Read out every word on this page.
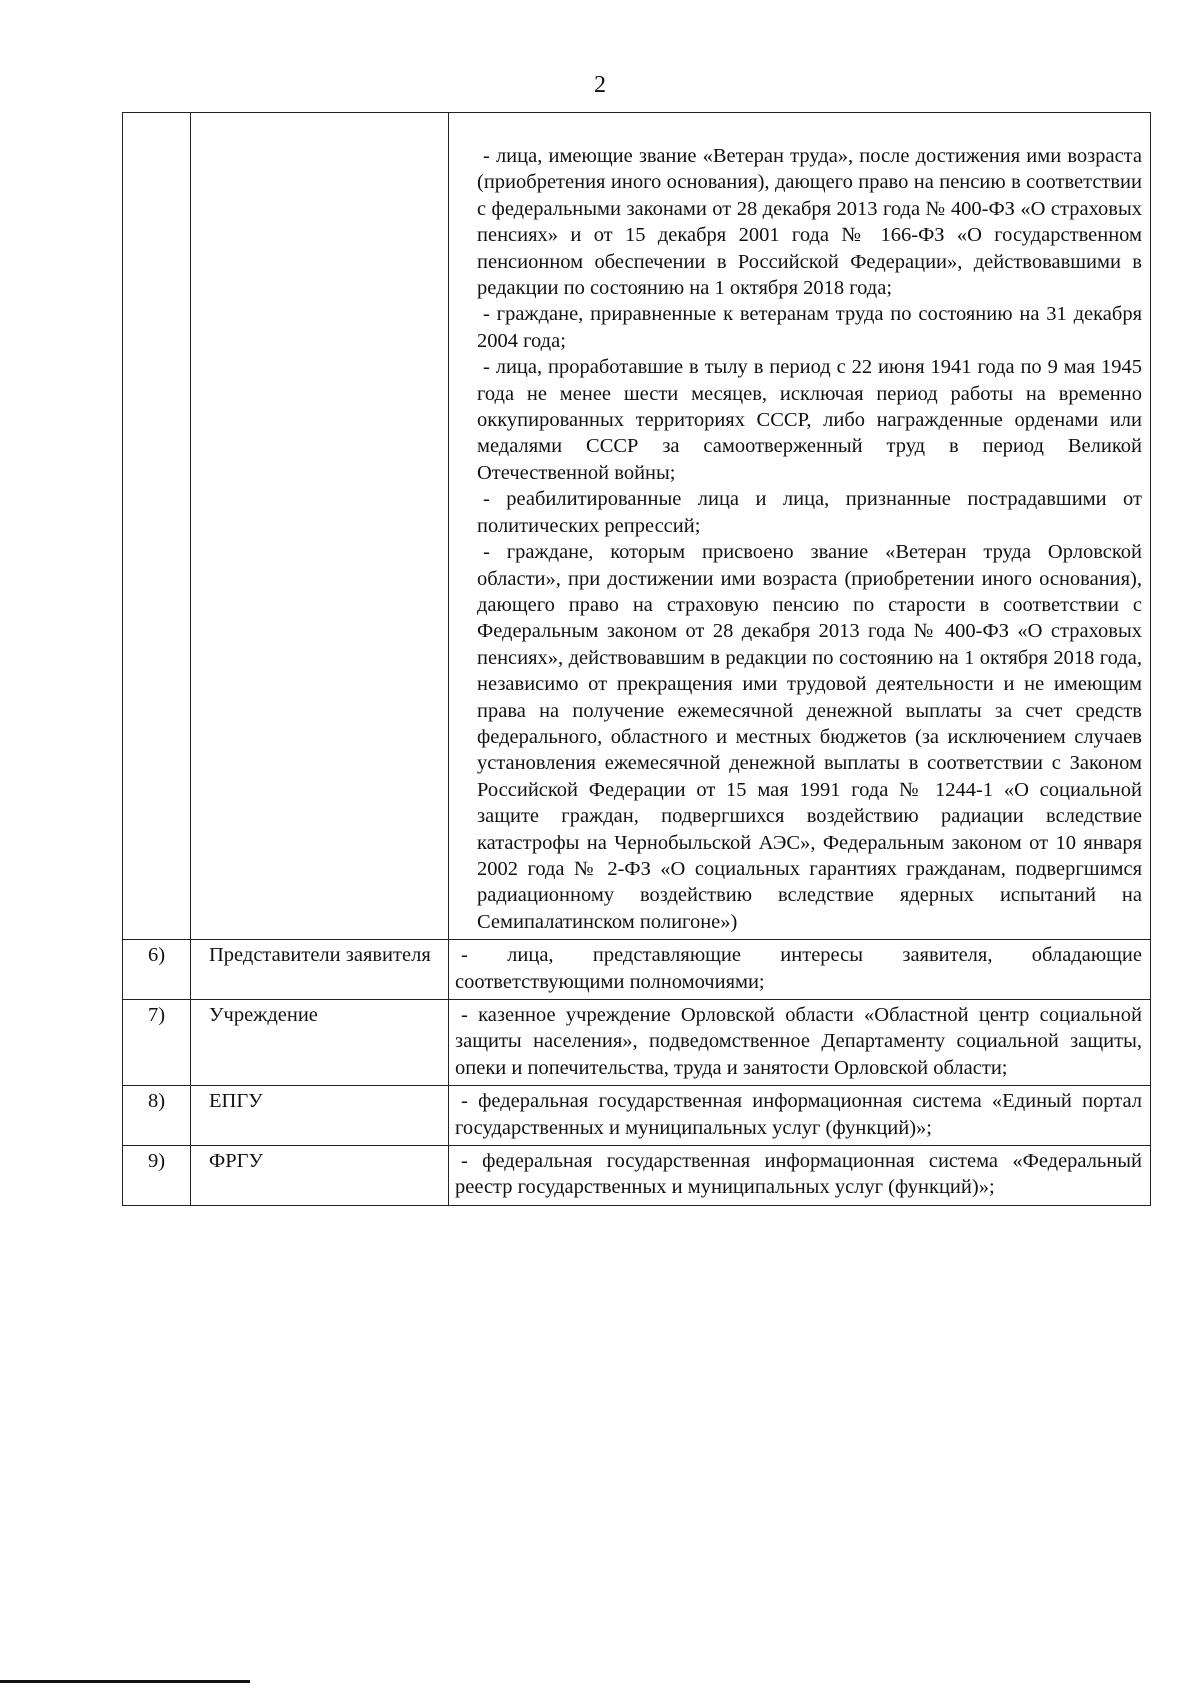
2

		- лица, имеющие звание «Ветеран труда», после достижения ими возраста (приобретения иного основания), дающего право на пенсию в соответствии с федеральными законами от 28 декабря 2013 года № 400-ФЗ «О страховых пенсиях» и от 15 декабря 2001 года № 166-ФЗ «О государственном пенсионном обеспечении в Российской Федерации», действовавшими в редакции по состоянию на 1 октября 2018 года;

- граждане, приравненные к ветеранам труда по состоянию на 31 декабря 2004 года;

- лица, проработавшие в тылу в период с 22 июня 1941 года по 9 мая 1945 года не менее шести месяцев, исключая период работы на временно оккупированных территориях СССР, либо награжденные орденами или медалями СССР за самоотверженный труд в период Великой Отечественной войны;

- реабилитированные лица и лица, признанные пострадавшими от политических репрессий;

- граждане, которым присвоено звание «Ветеран труда Орловской области», при достижении ими возраста (приобретении иного основания), дающего право на страховую пенсию по старости в соответствии с Федеральным законом от 28 декабря 2013 года № 400-ФЗ «О страховых пенсиях», действовавшим в редакции по состоянию на 1 октября 2018 года, независимо от прекращения ими трудовой деятельности и не имеющим права на получение ежемесячной денежной выплаты за счет средств федерального, областного и местных бюджетов (за исключением случаев установления ежемесячной денежной выплаты в соответствии с Законом Российской Федерации от 15 мая 1991 года № 1244-1 «О социальной защите граждан, подвергшихся воздействию радиации вследствие катастрофы на Чернобыльской АЭС», Федеральным законом от 10 января 2002 года № 2-ФЗ «О социальных гарантиях гражданам, подвергшимся радиационному воздействию вследствие ядерных испытаний на Семипалатинском полигоне»)

6)	Представители заявителя	- лица, представляющие интересы заявителя, обладающие соответствующими полномочиями;

7)	Учреждение	- казенное учреждение Орловской области «Областной центр социальной защиты населения», подведомственное Департаменту социальной защиты, опеки и попечительства, труда и занятости Орловской области;

8)	ЕПГУ	- федеральная государственная информационная система «Единый портал государственных и муниципальных услуг (функций)»;

9)	ФРГУ	- федеральная государственная информационная система «Федеральный реестр государственных и муниципальных услуг (функций)»;
